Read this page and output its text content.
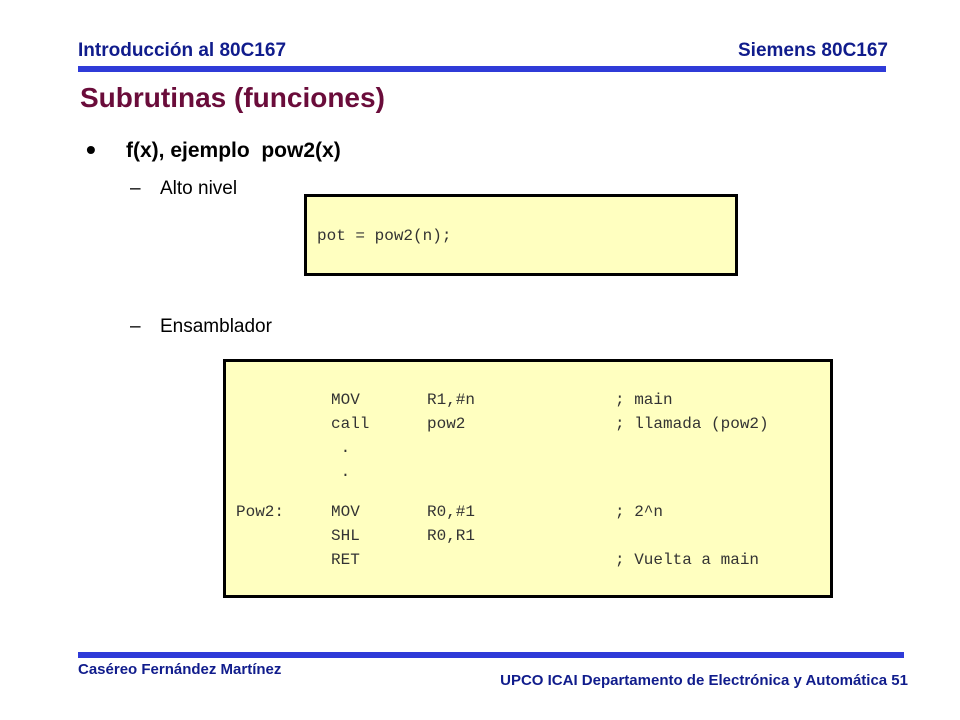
Introducción al 80C167	Siemens 80C167
Subrutinas (funciones)
• f(x), ejemplo  pow2(x)
– Alto nivel
pot = pow2(n);
– Ensamblador
MOV	R1,#n	; main
call	pow2	; llamada (pow2)
.
.
Pow2:	MOV	R0,#1	; 2^n
SHL	R0,R1
RET	; Vuelta a main
Caséreo Fernández Martínez
UPCO ICAI Departamento de Electrónica y Automática 51
